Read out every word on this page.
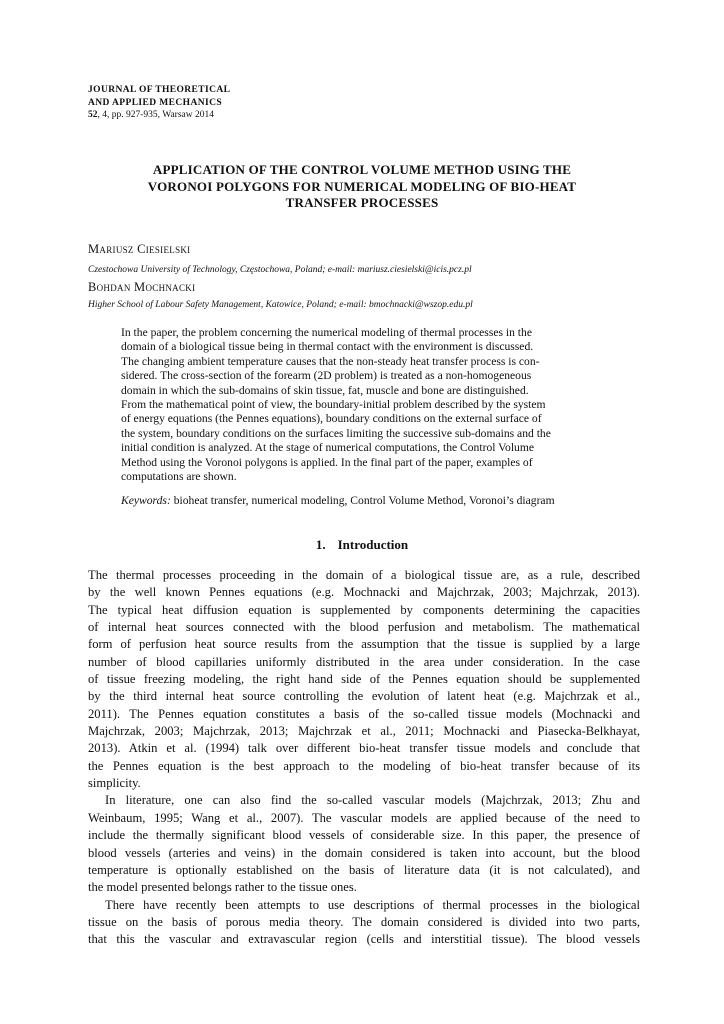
JOURNAL OF THEORETICAL
AND APPLIED MECHANICS
52, 4, pp. 927-935, Warsaw 2014
APPLICATION OF THE CONTROL VOLUME METHOD USING THE
VORONOI POLYGONS FOR NUMERICAL MODELING OF BIO-HEAT
TRANSFER PROCESSES
Mariusz Ciesielski
Czestochowa University of Technology, Częstochowa, Poland; e-mail: mariusz.ciesielski@icis.pcz.pl
Bohdan Mochnacki
Higher School of Labour Safety Management, Katowice, Poland; e-mail: bmochnacki@wszop.edu.pl
In the paper, the problem concerning the numerical modeling of thermal processes in the
domain of a biological tissue being in thermal contact with the environment is discussed.
The changing ambient temperature causes that the non-steady heat transfer process is con-
sidered. The cross-section of the forearm (2D problem) is treated as a non-homogeneous
domain in which the sub-domains of skin tissue, fat, muscle and bone are distinguished.
From the mathematical point of view, the boundary-initial problem described by the system
of energy equations (the Pennes equations), boundary conditions on the external surface of
the system, boundary conditions on the surfaces limiting the successive sub-domains and the
initial condition is analyzed. At the stage of numerical computations, the Control Volume
Method using the Voronoi polygons is applied. In the final part of the paper, examples of
computations are shown.
Keywords: bioheat transfer, numerical modeling, Control Volume Method, Voronoi’s diagram
1. Introduction
The thermal processes proceeding in the domain of a biological tissue are, as a rule, described
by the well known Pennes equations (e.g. Mochnacki and Majchrzak, 2003; Majchrzak, 2013).
The typical heat diffusion equation is supplemented by components determining the capacities
of internal heat sources connected with the blood perfusion and metabolism. The mathematical
form of perfusion heat source results from the assumption that the tissue is supplied by a large
number of blood capillaries uniformly distributed in the area under consideration. In the case
of tissue freezing modeling, the right hand side of the Pennes equation should be supplemented
by the third internal heat source controlling the evolution of latent heat (e.g. Majchrzak et al.,
2011). The Pennes equation constitutes a basis of the so-called tissue models (Mochnacki and
Majchrzak, 2003; Majchrzak, 2013; Majchrzak et al., 2011; Mochnacki and Piasecka-Belkhayat,
2013). Atkin et al. (1994) talk over different bio-heat transfer tissue models and conclude that
the Pennes equation is the best approach to the modeling of bio-heat transfer because of its
simplicity.
In literature, one can also find the so-called vascular models (Majchrzak, 2013; Zhu and
Weinbaum, 1995; Wang et al., 2007). The vascular models are applied because of the need to
include the thermally significant blood vessels of considerable size. In this paper, the presence of
blood vessels (arteries and veins) in the domain considered is taken into account, but the blood
temperature is optionally established on the basis of literature data (it is not calculated), and
the model presented belongs rather to the tissue ones.
There have recently been attempts to use descriptions of thermal processes in the biological
tissue on the basis of porous media theory. The domain considered is divided into two parts,
that this the vascular and extravascular region (cells and interstitial tissue). The blood vessels
